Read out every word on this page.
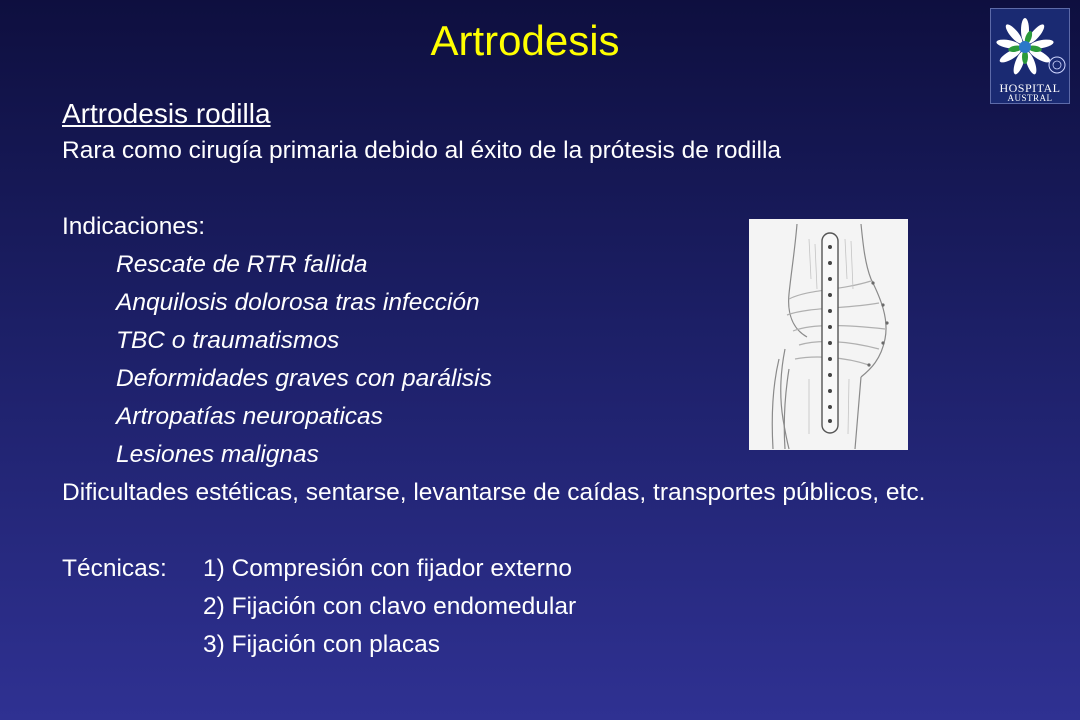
Artrodesis
HOSPITAL
AUSTRAL
Artrodesis rodilla
Rara como cirugía primaria debido al éxito de la prótesis de rodilla
Indicaciones:
Rescate de RTR fallida
Anquilosis dolorosa tras infección
TBC o traumatismos
Deformidades graves con parálisis
Artropatías neuropaticas
Lesiones malignas
Dificultades estéticas, sentarse, levantarse de caídas, transportes públicos, etc.
Técnicas:	1) Compresión con fijador externo
2) Fijación con clavo endomedular
3) Fijación con placas
